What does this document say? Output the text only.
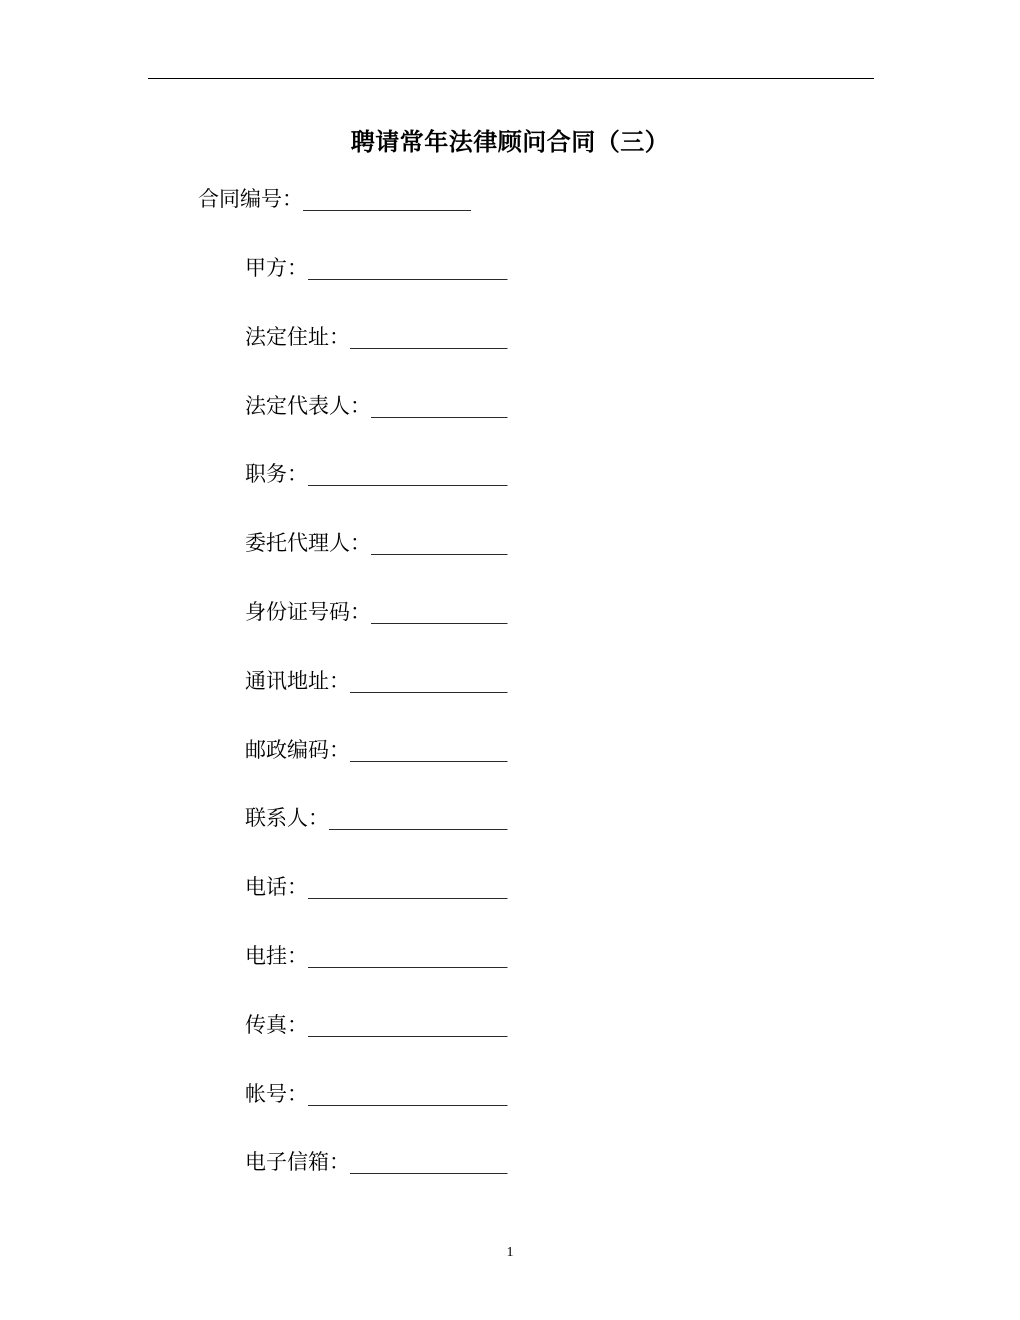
聘请常年法律顾问合同（三）
合同编号：________________
甲方：___________________
法定住址：_______________
法定代表人：_____________
职务：___________________
委托代理人：_____________
身份证号码：_____________
通讯地址：_______________
邮政编码：_______________
联系人：_________________
电话：___________________
电挂：___________________
传真：___________________
帐号：___________________
电子信箱：_______________
1
